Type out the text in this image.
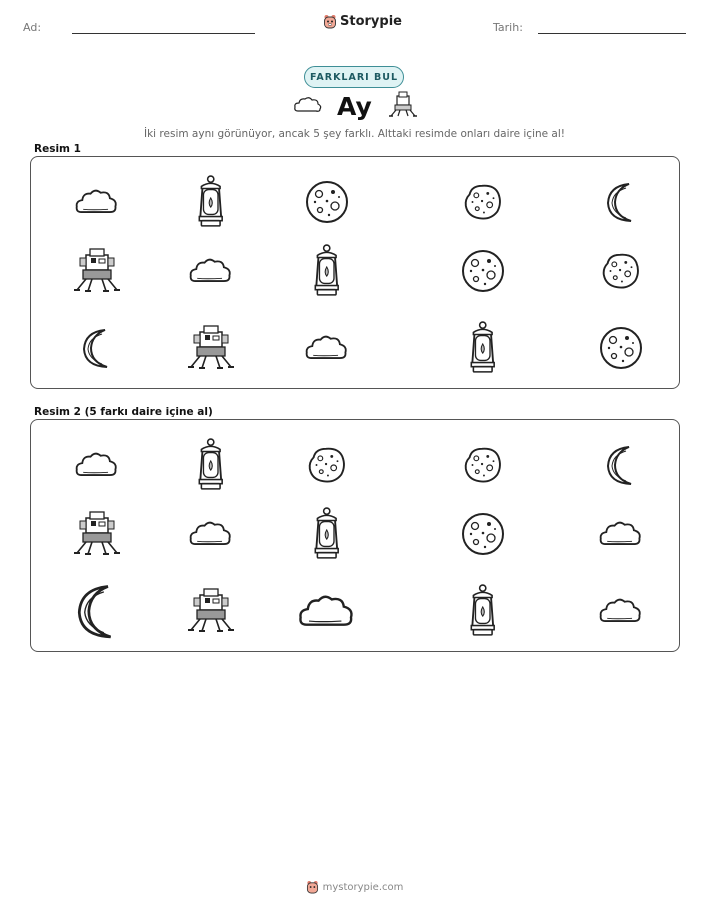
Ad:	Storypie	Tarih:
FARKLARI BUL
Ay
İki resim aynı görünüyor, ancak 5 şey farklı. Alttaki resimde onları daire içine al!
Resim 1
Resim 2 (5 farkı daire içine al)
mystorypie.com
